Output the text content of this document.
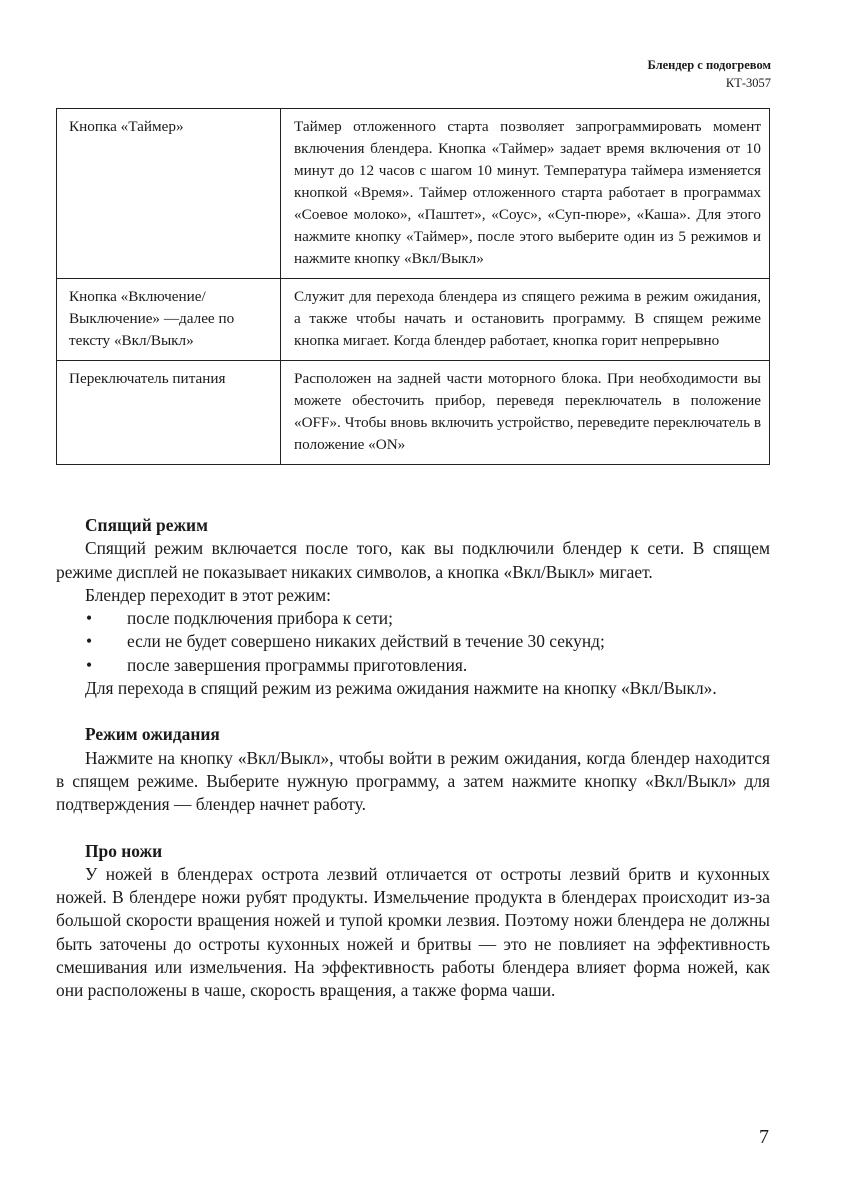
Блендер с подогревом
КТ-3057
Кнопка «Таймер»	Таймер отложенного старта позволяет запрограммировать момент включения блендера. Кнопка «Таймер» задает время включения от 10 минут до 12 часов с шагом 10 минут. Температура таймера изменяется кнопкой «Время». Таймер отложенного старта работает в программах «Соевое молоко», «Паштет», «Соус», «Суп-пюре», «Каша». Для этого нажмите кнопку «Таймер», после этого выберите один из 5 режимов и нажмите кнопку «Вкл/Выкл»
Кнопка «Включение/Выключение» —далее по тексту «Вкл/Выкл»	Служит для перехода блендера из спящего режима в режим ожидания, а также чтобы начать и остановить программу. В спящем режиме кнопка мигает. Когда блендер работает, кнопка горит непрерывно
Переключатель питания	Расположен на задней части моторного блока. При необходимости вы можете обесточить прибор, переведя переключатель в положение «OFF». Чтобы вновь включить устройство, переведите переключатель в положение «ON»
Спящий режим

Спящий режим включается после того, как вы подключили блендер к сети. В спящем режиме дисплей не показывает никаких символов, а кнопка «Вкл/Выкл» мигает.

Блендер переходит в этот режим:

• после подключения прибора к сети;
• если не будет совершено никаких действий в течение 30 секунд;
• после завершения программы приготовления.

Для перехода в спящий режим из режима ожидания нажмите на кнопку «Вкл/Выкл».

Режим ожидания

Нажмите на кнопку «Вкл/Выкл», чтобы войти в режим ожидания, когда блендер находится в спящем режиме. Выберите нужную программу, а затем нажмите кнопку «Вкл/Выкл» для подтверждения — блендер начнет работу.

Про ножи

У ножей в блендерах острота лезвий отличается от остроты лезвий бритв и кухонных ножей. В блендере ножи рубят продукты. Измельчение продукта в блендерах происходит из-за большой скорости вращения ножей и тупой кромки лезвия. Поэтому ножи блендера не должны быть заточены до остроты кухонных ножей и бритвы — это не повлияет на эффективность смешивания или измельчения. На эффективность работы блендера влияет форма ножей, как они расположены в чаше, скорость вращения, а также форма чаши.

7
